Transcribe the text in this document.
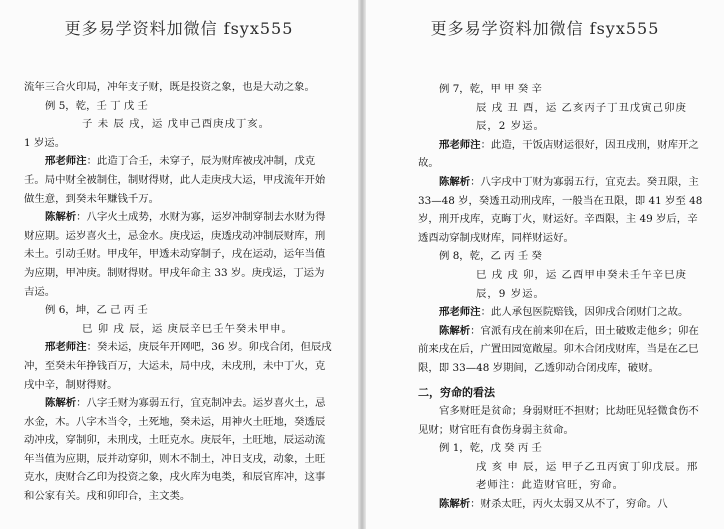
更多易学资料加微信 fsyx555

流年三合火印局，冲年支子财，既是投资之象，也是大动之象。

例 5，乾，壬 丁 戊 壬

子 未 辰 戌，运 戊申己酉庚戌丁亥。

1 岁运。

邢老师注：此造丁合壬，未穿子，辰为财库被戌冲制，戊克壬。局中财全被制住，制财得财，此人走庚戌大运，甲戌流年开始做生意，到癸未年赚钱千万。

陈解析：八字火土成势，水财为寡，运岁冲制穿制去水财为得财应期。运岁喜火土，忌金水。庚戌运，庚透戌动冲制辰财库，刑未土。引动壬财。甲戌年，甲透未动穿制子，戌在运动，运年当值为应期，甲冲庚。制财得财。甲戌年命主 33 岁。庚戌运，丁运为吉运。

例 6，坤，乙 己 丙 壬

巳 卯 戌 辰，运 庚辰辛巳壬午癸未甲申。

邢老师注：癸未运，庚辰年开网吧，36 岁。卯戌合闭，但辰戌冲，至癸未年挣钱百万，大运未，局中戌，未戌刑，未中丁火，克戌中辛，制财得财。

陈解析：八字壬财为寡弱五行，宜克制冲去。运岁喜火土，忌水金，木。八字木当令，土死地，癸未运，用神火土旺地，癸透辰动冲戌，穿制卯，未刑戌，土旺克水。庚辰年，土旺地，辰运动流年当值为应期，辰并动穿卯，则木不制土，冲日支戌，动象，土旺克水，庚财合乙印为投资之象，戌火库为电类，和辰官库冲，这事和公家有关。戌和卯印合，主文类。

更多易学资料加微信 fsyx555

例 7，乾，甲 甲 癸 辛

辰 戌 丑 酉，运 乙亥丙子丁丑戊寅己卯庚辰，2 岁运。

邢老师注：此造，干饭店财运很好，因丑戌刑，财库开之故。

陈解析：八字戌中丁财为寡弱五行，宜克去。癸丑限，主 33—48 岁，癸透丑动刑戌库，一般当在丑限，即 41 岁至 48 岁，刑开戌库，克晦丁火，财运好。辛酉限，主 49 岁后，辛透酉动穿制戌财库，同样财运好。

例 8，乾，乙 丙 壬 癸

巳 戌 戌 卯，运 乙酉甲申癸未壬午辛巳庚辰，9 岁运。

邢老师注：此人承包医院赔钱，因卯戌合闭财门之故。

陈解析：官派有戌在前来卯在后，田土破败走他乡；卯在前来戌在后，广置田园宽敞屋。卯木合闭戌财库，当是在乙巳限，即 33—48 岁期间，乙透卯动合闭戌库，破财。

二，穷命的看法

官多财旺是贫命；身弱财旺不担财；比劫旺见轻微食伤不见财；财官旺有食伤身弱主贫命。

例 1，乾，戊 癸 丙 壬

戌 亥 申 辰，运 甲子乙丑丙寅丁卯戊辰。邢老师注：此造财官旺，穷命。

陈解析：财杀太旺，丙火太弱又从不了，穷命。八
